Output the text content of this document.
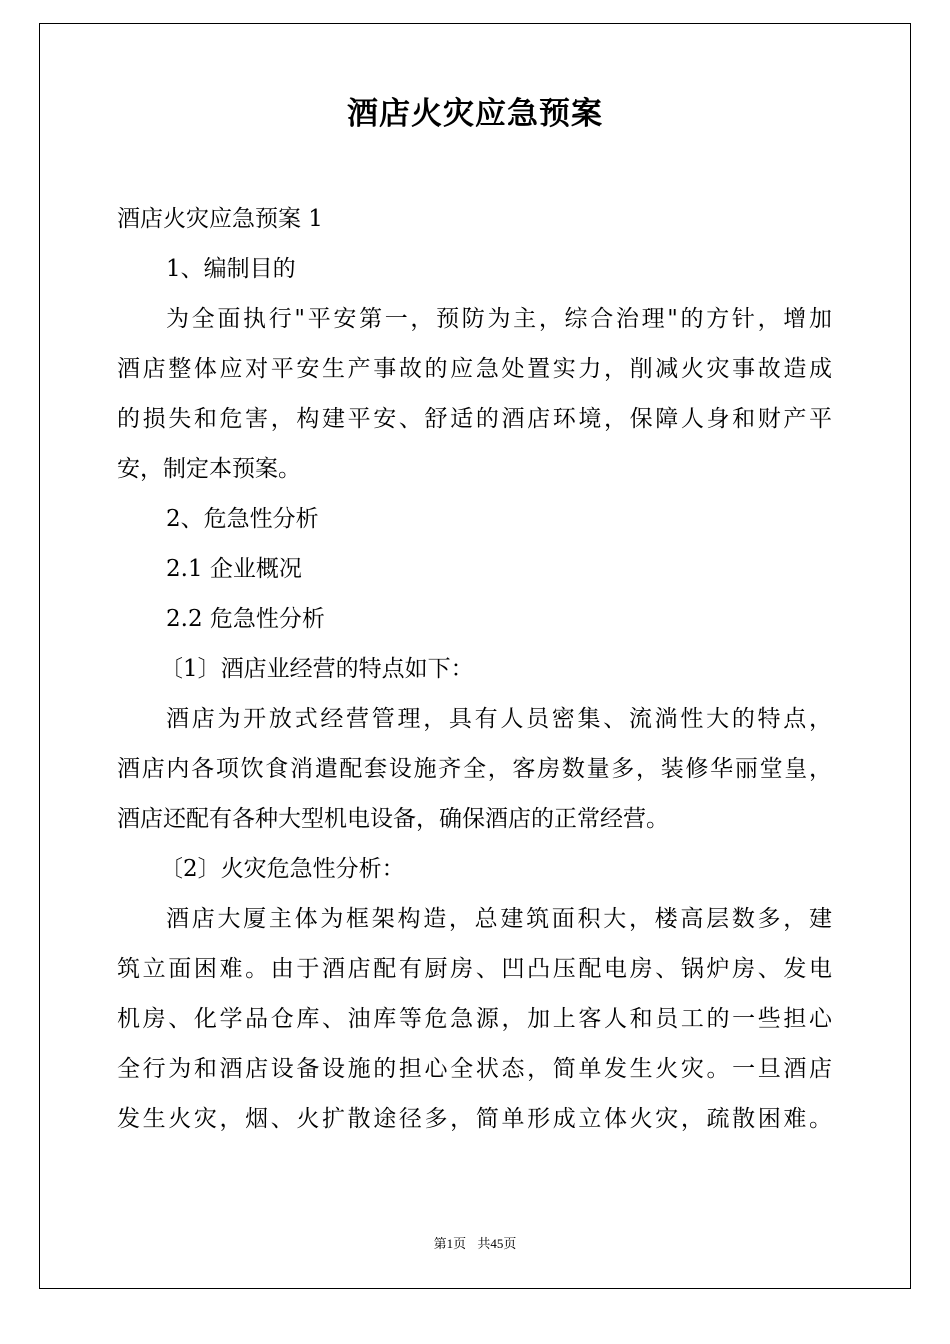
酒店火灾应急预案
酒店火灾应急预案 1
1、编制目的
为全面执行"平安第一，预防为主，综合治理"的方针，增加
酒店整体应对平安生产事故的应急处置实力，削减火灾事故造成
的损失和危害，构建平安、舒适的酒店环境，保障人身和财产平
安，制定本预案。
2、危急性分析
2.1 企业概况
2.2 危急性分析
〔1〕酒店业经营的特点如下：
酒店为开放式经营管理，具有人员密集、流淌性大的特点，
酒店内各项饮食消遣配套设施齐全，客房数量多，装修华丽堂皇，
酒店还配有各种大型机电设备，确保酒店的正常经营。
〔2〕火灾危急性分析：
酒店大厦主体为框架构造，总建筑面积大，楼高层数多，建
筑立面困难。由于酒店配有厨房、凹凸压配电房、锅炉房、发电
机房、化学品仓库、油库等危急源，加上客人和员工的一些担心
全行为和酒店设备设施的担心全状态，简单发生火灾。一旦酒店
发生火灾，烟、火扩散途径多，简单形成立体火灾，疏散困难。
第1页 共45页
